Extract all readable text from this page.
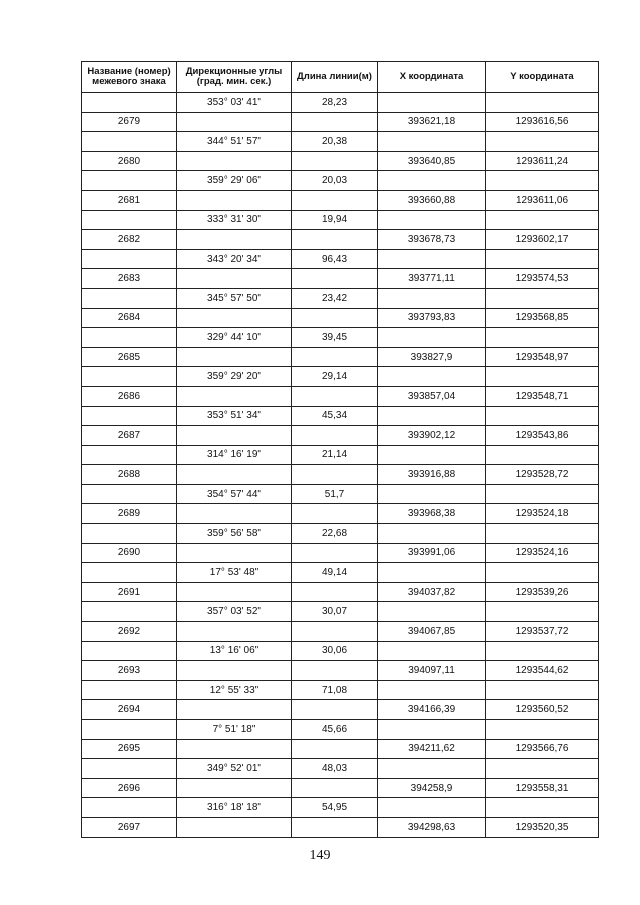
Название (номер) межевого знака	Дирекционные углы (град. мин. сек.)	Длина линии(м)	X координата	Y координата
	353° 03' 41"	28,23		
2679			393621,18	1293616,56
	344° 51' 57"	20,38		
2680			393640,85	1293611,24
	359° 29' 06"	20,03		
2681			393660,88	1293611,06
	333° 31' 30"	19,94		
2682			393678,73	1293602,17
	343° 20' 34"	96,43		
2683			393771,11	1293574,53
	345° 57' 50"	23,42		
2684			393793,83	1293568,85
	329° 44' 10"	39,45		
2685			393827,9	1293548,97
	359° 29' 20"	29,14		
2686			393857,04	1293548,71
	353° 51' 34"	45,34		
2687			393902,12	1293543,86
	314° 16' 19"	21,14		
2688			393916,88	1293528,72
	354° 57' 44"	51,7		
2689			393968,38	1293524,18
	359° 56' 58"	22,68		
2690			393991,06	1293524,16
	17° 53' 48"	49,14		
2691			394037,82	1293539,26
	357° 03' 52"	30,07		
2692			394067,85	1293537,72
	13° 16' 06"	30,06		
2693			394097,11	1293544,62
	12° 55' 33"	71,08		
2694			394166,39	1293560,52
	7° 51' 18"	45,66		
2695			394211,62	1293566,76
	349° 52' 01"	48,03		
2696			394258,9	1293558,31
	316° 18' 18"	54,95		
2697			394298,63	1293520,35
149
